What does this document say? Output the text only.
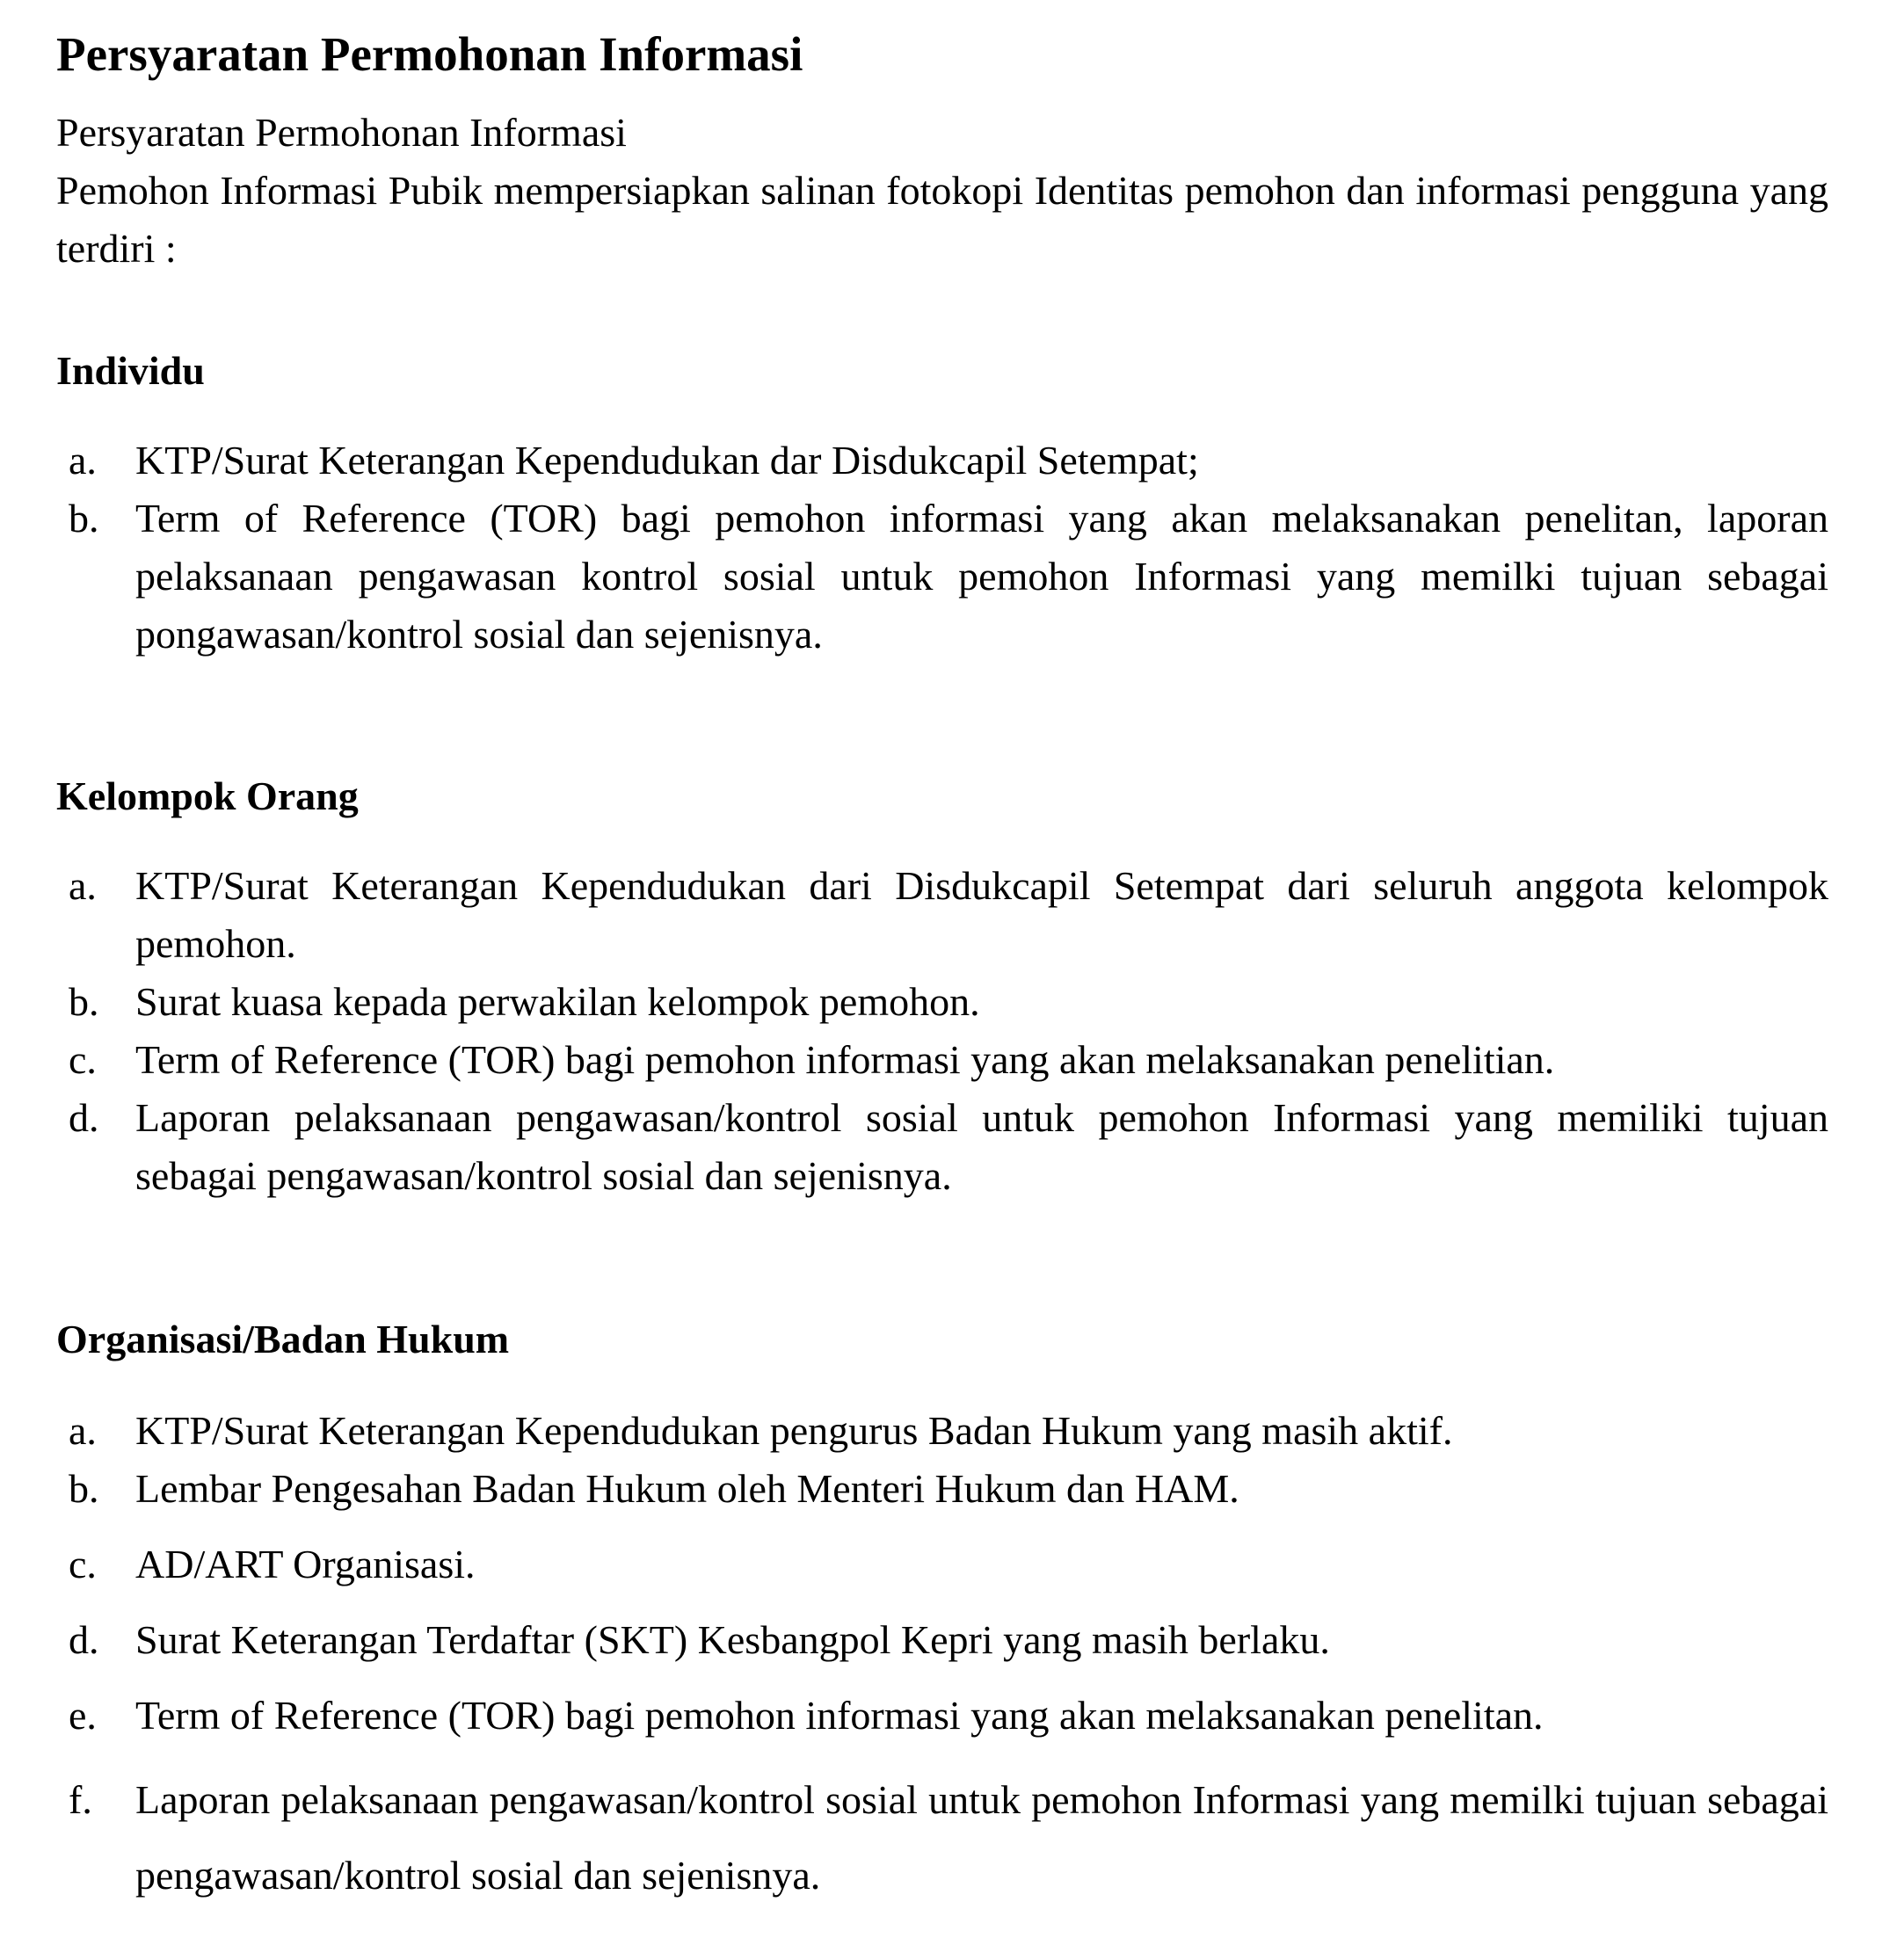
Persyaratan Permohonan Informasi
Persyaratan Permohonan Informasi

Pemohon Informasi Pubik mempersiapkan salinan fotokopi Identitas pemohon dan informasi pengguna yang terdiri :

Individu
a. KTP/Surat Keterangan Kependudukan dar Disdukcapil Setempat;
b. Term of Reference (TOR) bagi pemohon informasi yang akan melaksanakan penelitan, laporan pelaksanaan pengawasan kontrol sosial untuk pemohon Informasi yang memilki tujuan sebagai pongawasan/kontrol sosial dan sejenisnya.
Kelompok Orang
a. KTP/Surat Keterangan Kependudukan dari Disdukcapil Setempat dari seluruh anggota kelompok pemohon.
b. Surat kuasa kepada perwakilan kelompok pemohon.
c. Term of Reference (TOR) bagi pemohon informasi yang akan melaksanakan penelitian.
d. Laporan pelaksanaan pengawasan/kontrol sosial untuk pemohon Informasi yang memiliki tujuan sebagai pengawasan/kontrol sosial dan sejenisnya.
Organisasi/Badan Hukum
a. KTP/Surat Keterangan Kependudukan pengurus Badan Hukum yang masih aktif.
b. Lembar Pengesahan Badan Hukum oleh Menteri Hukum dan HAM.
c. AD/ART Organisasi.
d. Surat Keterangan Terdaftar (SKT) Kesbangpol Kepri yang masih berlaku.
e. Term of Reference (TOR) bagi pemohon informasi yang akan melaksanakan penelitan.
f. Laporan pelaksanaan pengawasan/kontrol sosial untuk pemohon Informasi yang memilki tujuan sebagai pengawasan/kontrol sosial dan sejenisnya.
